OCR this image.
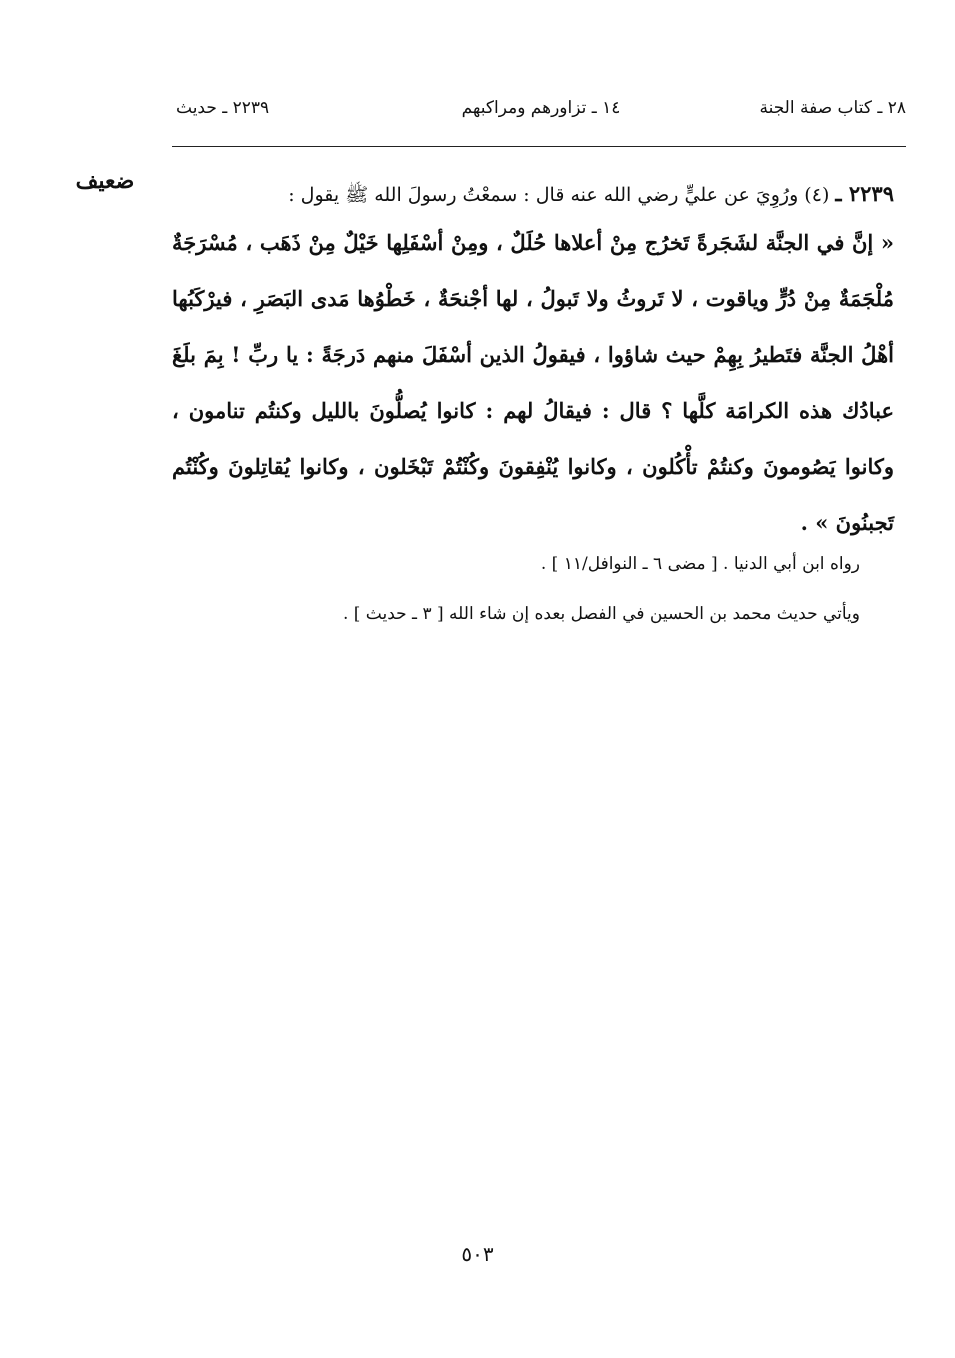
٢٨ ـ كتاب صفة الجنة
١٤ ـ تزاورهم ومراكبهم
٢٢٣٩ ـ حديث
ضعيف	٢٢٣٩ ـ (٤) ورُوِيَ عن عليٍّ رضي الله عنه قال : سمعْتُ رسولَ الله ﷺ يقول :

« إنَّ في الجنَّة لشَجَرةً تَخرُج مِنْ أعلاها حُلَلٌ ، ومِنْ أسْفَلِها خَيْلٌ مِنْ ذَهَب ، مُسْرَجَةٌ مُلْجَمَةٌ مِنْ دُرٍّ وياقوت ، لا تَروثُ ولا تَبولُ ، لها أجْنحَةٌ ، خَطْوُها مَدى البَصَرِ ، فيرْكَبُها أهْلُ الجنَّة فتَطيرُ بِهِمْ حيث شاؤوا ، فيقولُ الذين أسْفَلَ منهم دَرجَةً : يا ربِّ ! بِمَ بلَغَ عبادُك هذه الكرامَة كلَّها ؟ قال : فيقالُ لهم : كانوا يُصلُّونَ بالليل وكنتُم تنامون ، وكانوا يَصُومونَ وكنتُمْ تأْكُلون ، وكانوا يُنْفِقونَ وكُنْتُمْ تَبْخَلون ، وكانوا يُقاتِلونَ وكُنْتُم تَجبنُونَ » .

رواه ابن أبي الدنيا . [ مضى ٦ ـ النوافل/١١ ] .
ويأتي حديث محمد بن الحسين في الفصل بعده إن شاء الله [ ٣ ـ حديث ] .
٥٠٣
